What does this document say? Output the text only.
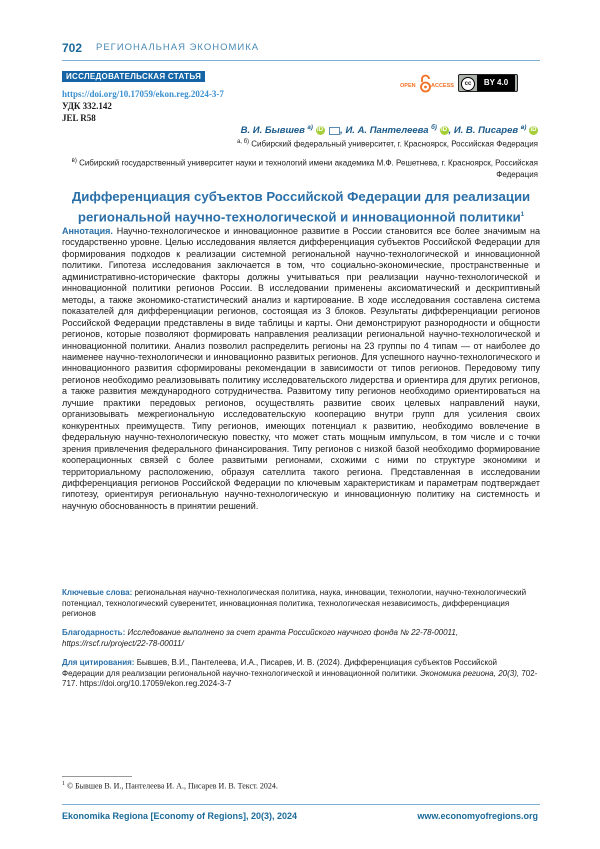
702 РЕГИОНАЛЬНАЯ ЭКОНОМИКА
ИССЛЕДОВАТЕЛЬСКАЯ СТАТЬЯ
https://doi.org/10.17059/ekon.reg.2024-3-7
УДК 332.142
JEL R58
OPEN	ACCESS	cc	BY 4.0
В. И. Бывшев $^{а)}$ iD , И. А. Пантелеева $^{б)}$ iD , И. В. Писарев $^{в)}$ iD
$^{а, б)}$ Сибирский федеральный университет, г. Красноярск, Российская Федерация
$^{в)}$ Сибирский государственный университет науки и технологий имени академика М.Ф. Решетнева, г. Красноярск, Российская Федерация
Дифференциация субъектов Российской Федерации для реализации региональной научно-технологической и инновационной политики$^1$
Аннотация. Научно-технологическое и инновационное развитие в России становится все более значимым на государственно уровне. Целью исследования является дифференциация субъектов Российской Федерации для формирования подходов к реализации системной региональной научно-технологической и инновационной политики. Гипотеза исследования заключается в том, что социально-экономические, пространственные и административно-исторические факторы должны учитываться при реализации научно-технологической и инновационной политики регионов России. В исследовании применены аксиоматический и дескриптивный методы, а также экономико-статистический анализ и картирование. В ходе исследования составлена система показателей для дифференциации регионов, состоящая из 3 блоков. Результаты дифференциации регионов Российской Федерации представлены в виде таблицы и карты. Они демонстрируют разнородности и общности регионов, которые позволяют формировать направления реализации региональной научно-технологической и инновационной политики. Анализ позволил распределить регионы на 23 группы по 4 типам — от наиболее до наименее научно-технологически и инновационно развитых регионов. Для успешного научно-технологического и инновационного развития сформированы рекомендации в зависимости от типов регионов. Передовому типу регионов необходимо реализовывать политику исследовательского лидерства и ориентира для других регионов, а также развития международного сотрудничества. Развитому типу регионов необходимо ориентироваться на лучшие практики передовых регионов, осуществлять развитие своих целевых направлений науки, организовывать межрегиональную исследовательскую кооперацию внутри групп для усиления своих конкурентных преимуществ. Типу регионов, имеющих потенциал к развитию, необходимо вовлечение в федеральную научно-технологическую повестку, что может стать мощным импульсом, в том числе и с точки зрения привлечения федерального финансирования. Типу регионов с низкой базой необходимо формирование кооперационных связей с более развитыми регионами, схожими с ними по структуре экономики и территориальному расположению, образуя сателлита такого региона. Представленная в исследовании дифференциация регионов Российской Федерации по ключевым характеристикам и параметрам подтверждает гипотезу, ориентируя региональную научно-технологическую и инновационную политику на системность и научную обоснованность в принятии решений.
Ключевые слова: региональная научно-технологическая политика, наука, инновации, технологии, научно-технологический потенциал, технологический суверенитет, инновационная политика, технологическая независимость, дифференциация регионов
Благодарность: Исследование выполнено за счет гранта Российского научного фонда № 22-78-00011, https://rscf.ru/project/22-78-00011/
Для цитирования: Бывшев, В.И., Пантелеева, И.А., Писарев, И. В. (2024). Дифференциация субъектов Российской Федерации для реализации региональной научно-технологической и инновационной политики. Экономика региона, 20(3), 702-717. https://doi.org/10.17059/ekon.reg.2024-3-7
$^1$ © Бывшев В. И., Пантелеева И. А., Писарев И. В. Текст. 2024.
Ekonomika Regiona [Economy of Regions], 20(3), 2024	www.economyofregions.org
